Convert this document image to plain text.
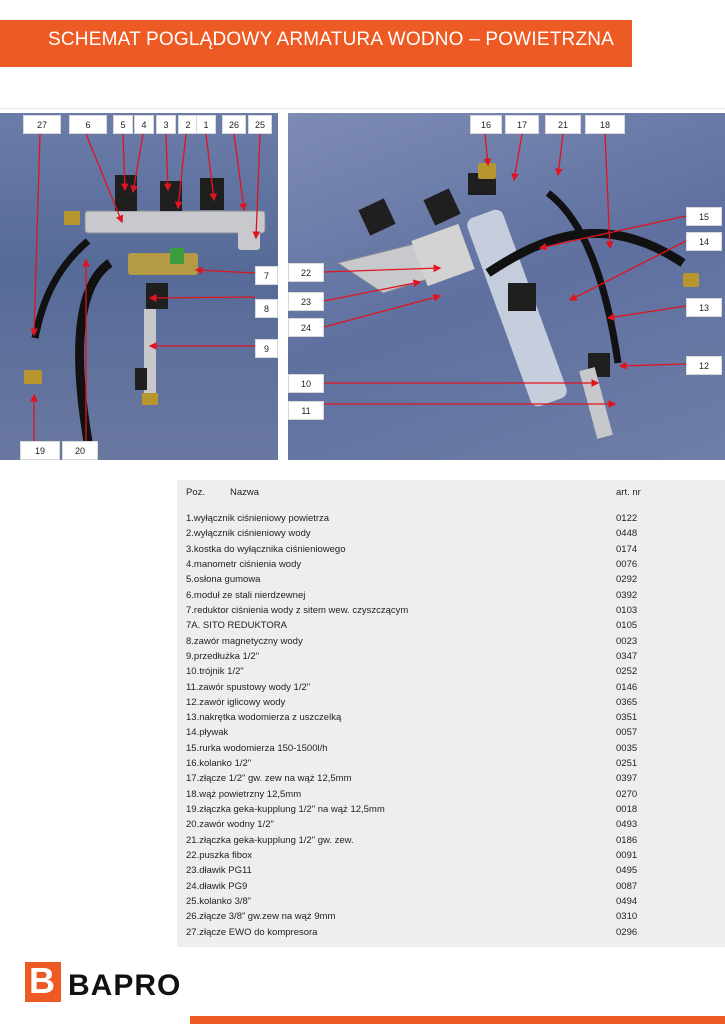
SCHEMAT POGLĄDOWY ARMATURA WODNO – POWIETRZNA
27	6	5	4	3	2	1	26	25
7
8
9
19	20
16	17	21	18
22
23
24
10
11
15
14
13
12
Poz.	Nazwa	art. nr
1.wyłącznik ciśnieniowy powietrza	0122
2.wyłącznik ciśnieniowy wody	0448
3.kostka do wyłącznika ciśnieniowego	0174
4.manometr ciśnienia wody	0076
5.osłona gumowa	0292
6.moduł ze stali nierdzewnej	0392
7.reduktor ciśnienia wody z sitem wew. czyszczącym	0103
7A. SITO REDUKTORA	0105
8.zawór magnetyczny wody	0023
9.przedłużka 1/2"	0347
10.trójnik 1/2"	0252
11.zawór spustowy wody 1/2"	0146
12.zawór iglicowy wody	0365
13.nakrętka wodomierza z uszczelką	0351
14.pływak	0057
15.rurka wodomierza 150-1500l/h	0035
16.kolanko 1/2"	0251
17.złącze 1/2" gw. zew na wąż 12,5mm	0397
18.wąż powietrzny 12,5mm	0270
19.złączka geka-kupplung 1/2" na wąż 12,5mm	0018
20.zawór wodny 1/2"	0493
21.złączka geka-kupplung 1/2" gw. zew.	0186
22.puszka fibox	0091
23.dławik PG11	0495
24.dławik PG9	0087
25.kolanko 3/8”	0494
26.złącze 3/8” gw.zew na wąż 9mm	0310
27.złącze EWO do kompresora	0296
B BAPRO
